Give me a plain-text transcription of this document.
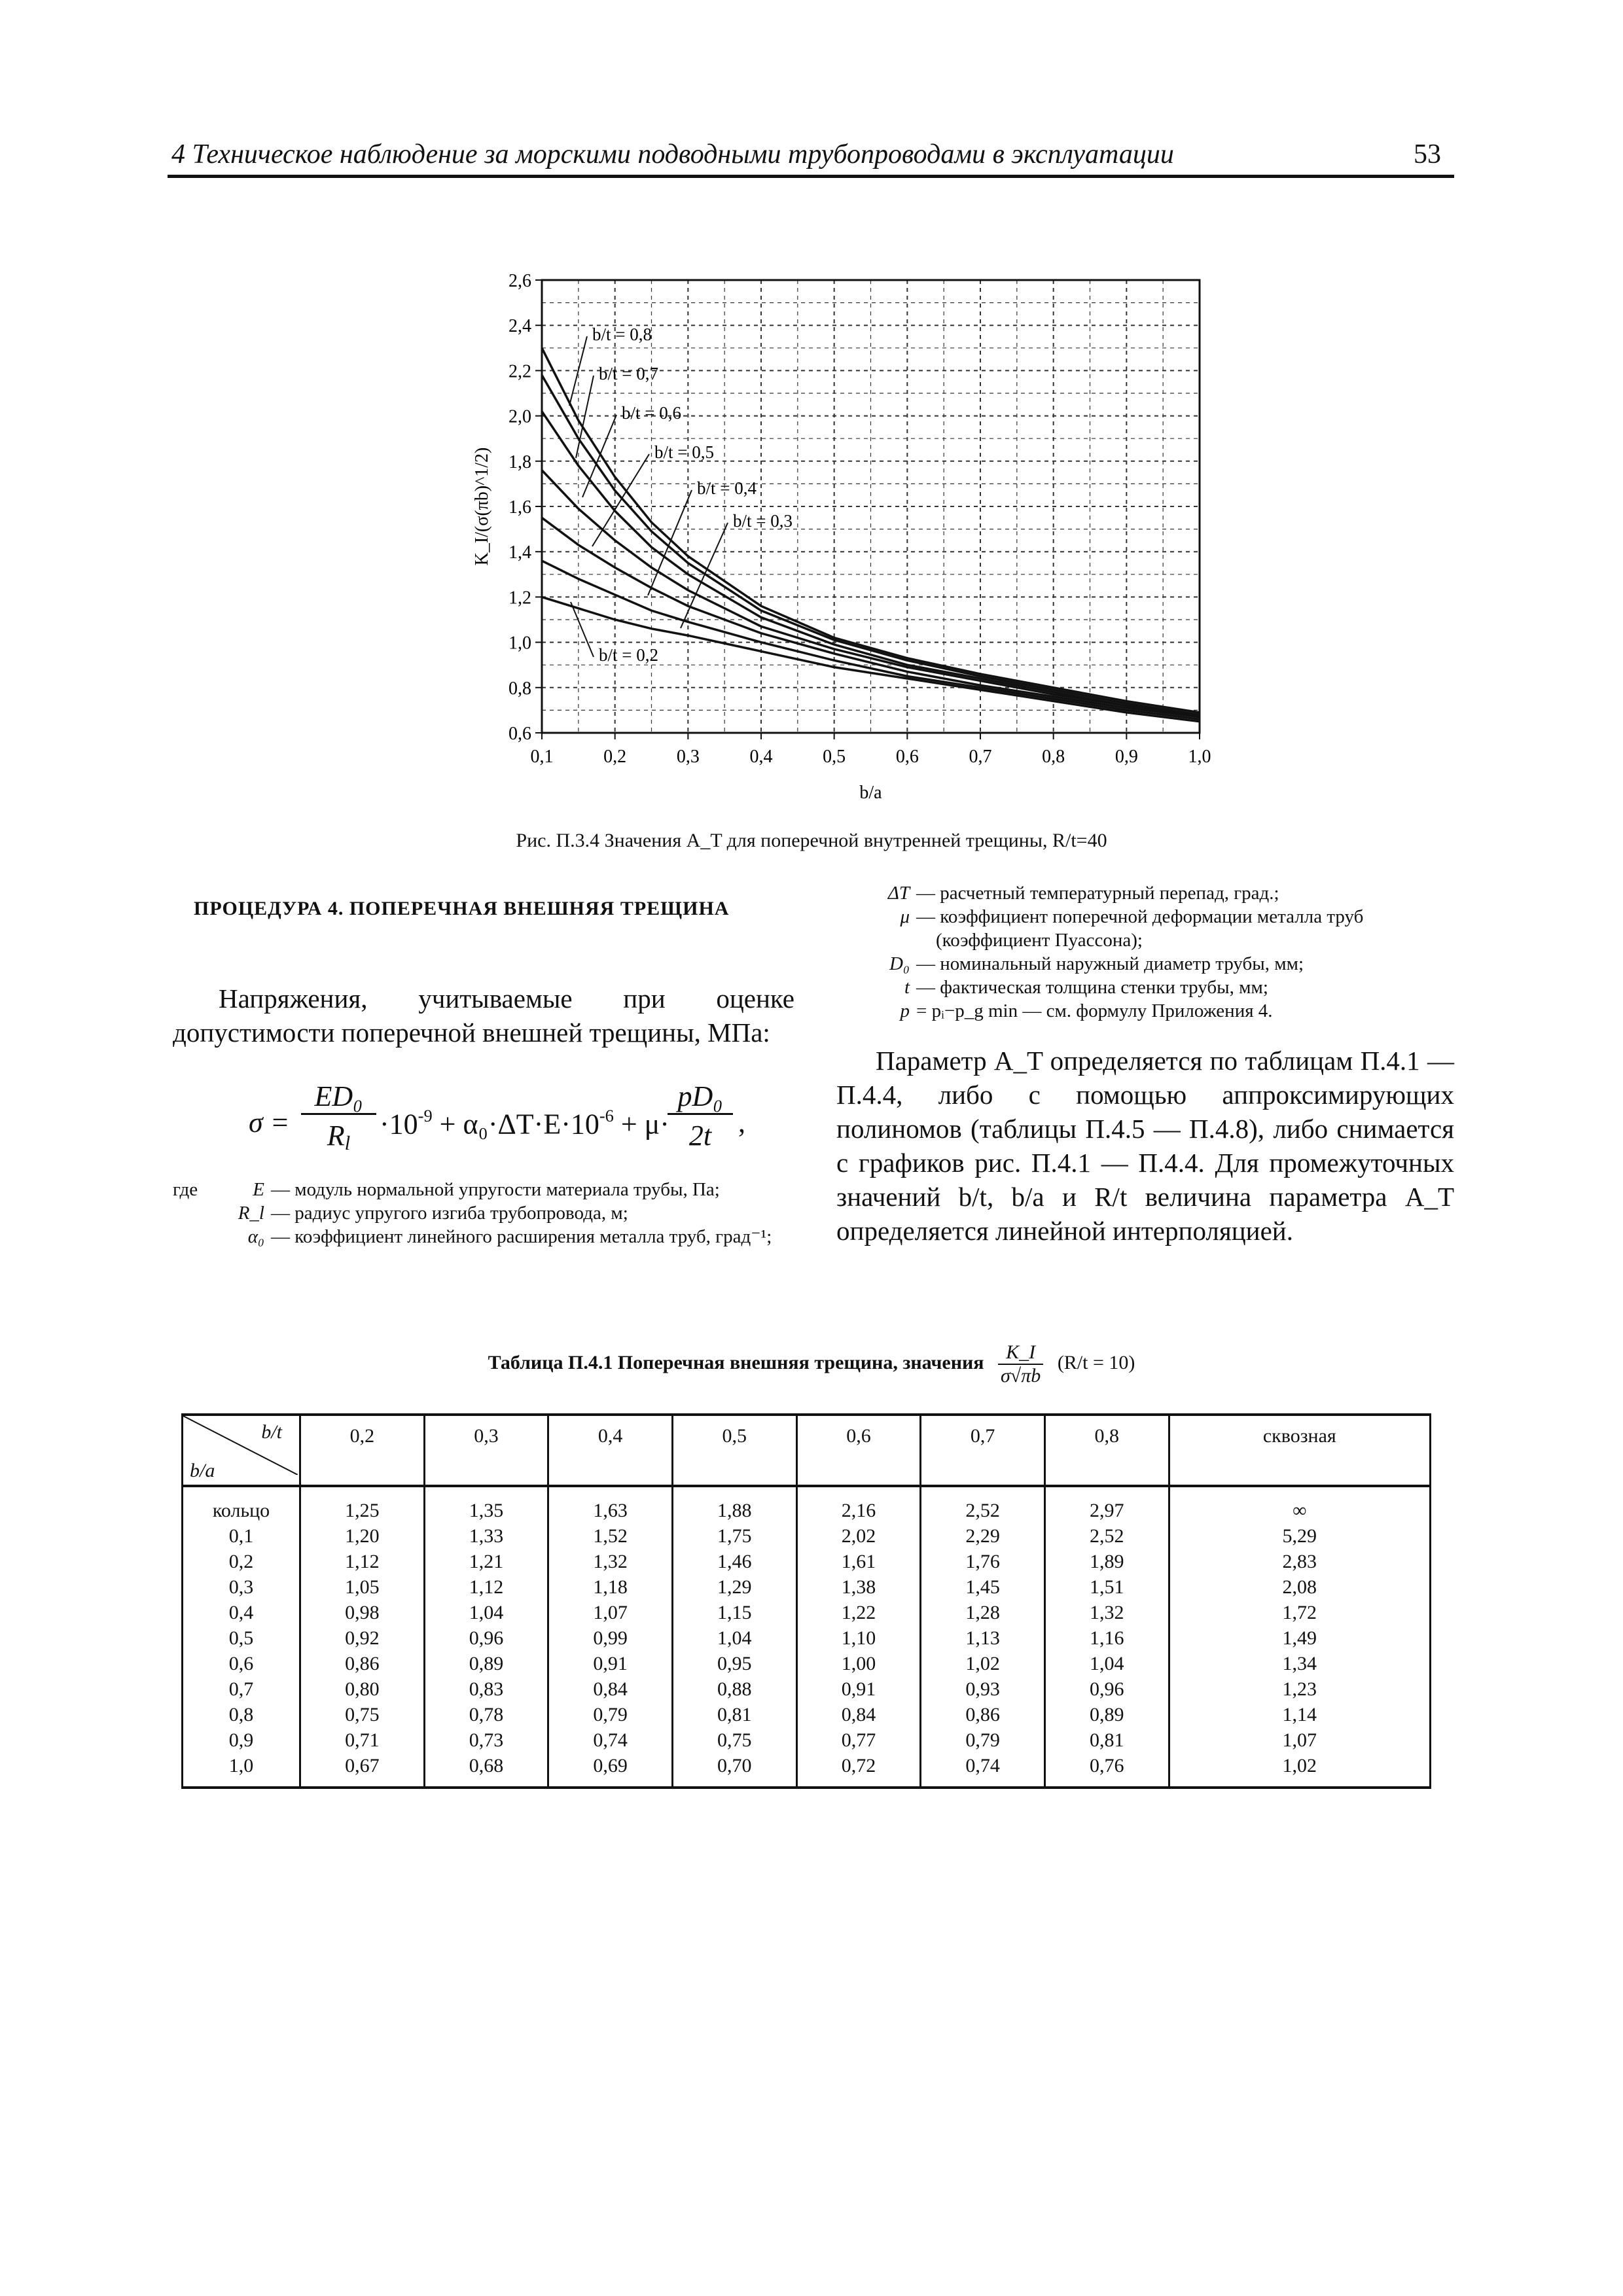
4 Техническое наблюдение за морскими подводными трубопроводами в эксплуатации	53
0,1	0,2	0,3	0,4	0,5	0,6	0,7	0,8	0,9	1,0
0,6
0,8
1,0
1,2
1,4
1,6
1,8
2,0
2,2
2,4
2,6
b/a
K_I/(σ(πb)^1/2)
b/t = 0,8
b/t = 0,7
b/t = 0,6
b/t = 0,5
b/t = 0,4
b/t = 0,3
b/t = 0,2
Рис. П.3.4 Значения A_T для поперечной внутренней трещины, R/t=40
ПРОЦЕДУРА 4. ПОПЕРЕЧНАЯ ВНЕШНЯЯ ТРЕЩИНА
Напряжения, учитываемые при оценке допустимости поперечной внешней трещины, МПа:
σ =
ED₀
Rl
$\cdot 10^{-9} + \alpha_0\cdot\Delta T\cdot E\cdot 10^{-6} + \mu\cdot$
pD₀
2t ,
где	E — модуль нормальной упругости материала трубы, Па;
R_l — радиус упругого изгиба трубопровода, м;
α₀ — коэффициент линейного расширения металла труб, град⁻¹;
ΔT — расчетный температурный перепад, град.;
μ — коэффициент поперечной деформации металла труб
(коэффициент Пуассона);
D₀ — номинальный наружный диаметр трубы, мм;
t — фактическая толщина стенки трубы, мм;
p = pᵢ−p_g min — см. формулу Приложения 4.
Параметр A_T определяется по таблицам П.4.1 — П.4.4, либо с помощью аппроксимирующих полиномов (таблицы П.4.5 — П.4.8), либо снимается с графиков рис. П.4.1 — П.4.4. Для промежуточных значений b/t, b/a и R/t величина параметра A_T определяется линейной интерполяцией.
Таблица П.4.1 Поперечная внешняя трещина, значения $\frac{K\_I}{\sigma√\pi b} (R/t = 10)$
b/t
b/a	0,2	0,3	0,4	0,5	0,6	0,7	0,8	сквозная
кольцо	1,25	1,35	1,63	1,88	2,16	2,52	2,97	∞
0,1	1,20	1,33	1,52	1,75	2,02	2,29	2,52	5,29
0,2	1,12	1,21	1,32	1,46	1,61	1,76	1,89	2,83
0,3	1,05	1,12	1,18	1,29	1,38	1,45	1,51	2,08
0,4	0,98	1,04	1,07	1,15	1,22	1,28	1,32	1,72
0,5	0,92	0,96	0,99	1,04	1,10	1,13	1,16	1,49
0,6	0,86	0,89	0,91	0,95	1,00	1,02	1,04	1,34
0,7	0,80	0,83	0,84	0,88	0,91	0,93	0,96	1,23
0,8	0,75	0,78	0,79	0,81	0,84	0,86	0,89	1,14
0,9	0,71	0,73	0,74	0,75	0,77	0,79	0,81	1,07
1,0	0,67	0,68	0,69	0,70	0,72	0,74	0,76	1,02
